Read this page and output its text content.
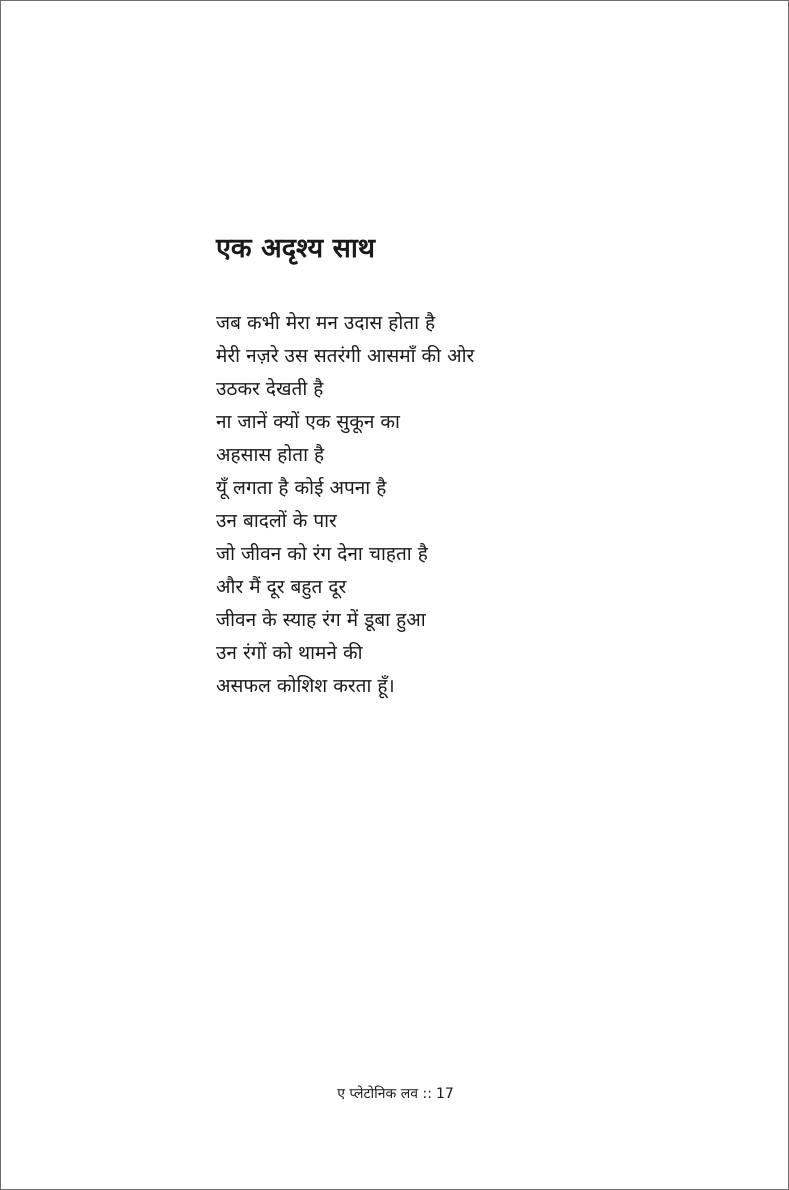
एक अदृश्य साथ
जब कभी मेरा मन उदास होता है
मेरी नज़रे उस सतरंगी आसमाँ की ओर
उठकर देखती है
ना जानें क्यों एक सुकून का
अहसास होता है
यूँ लगता है कोई अपना है
उन बादलों के पार
जो जीवन को रंग देना चाहता है
और मैं दूर बहुत दूर
जीवन के स्याह रंग में डूबा हुआ
उन रंगों को थामने की
असफल कोशिश करता हूँ।
ए प्लेटोनिक लव :: 17
